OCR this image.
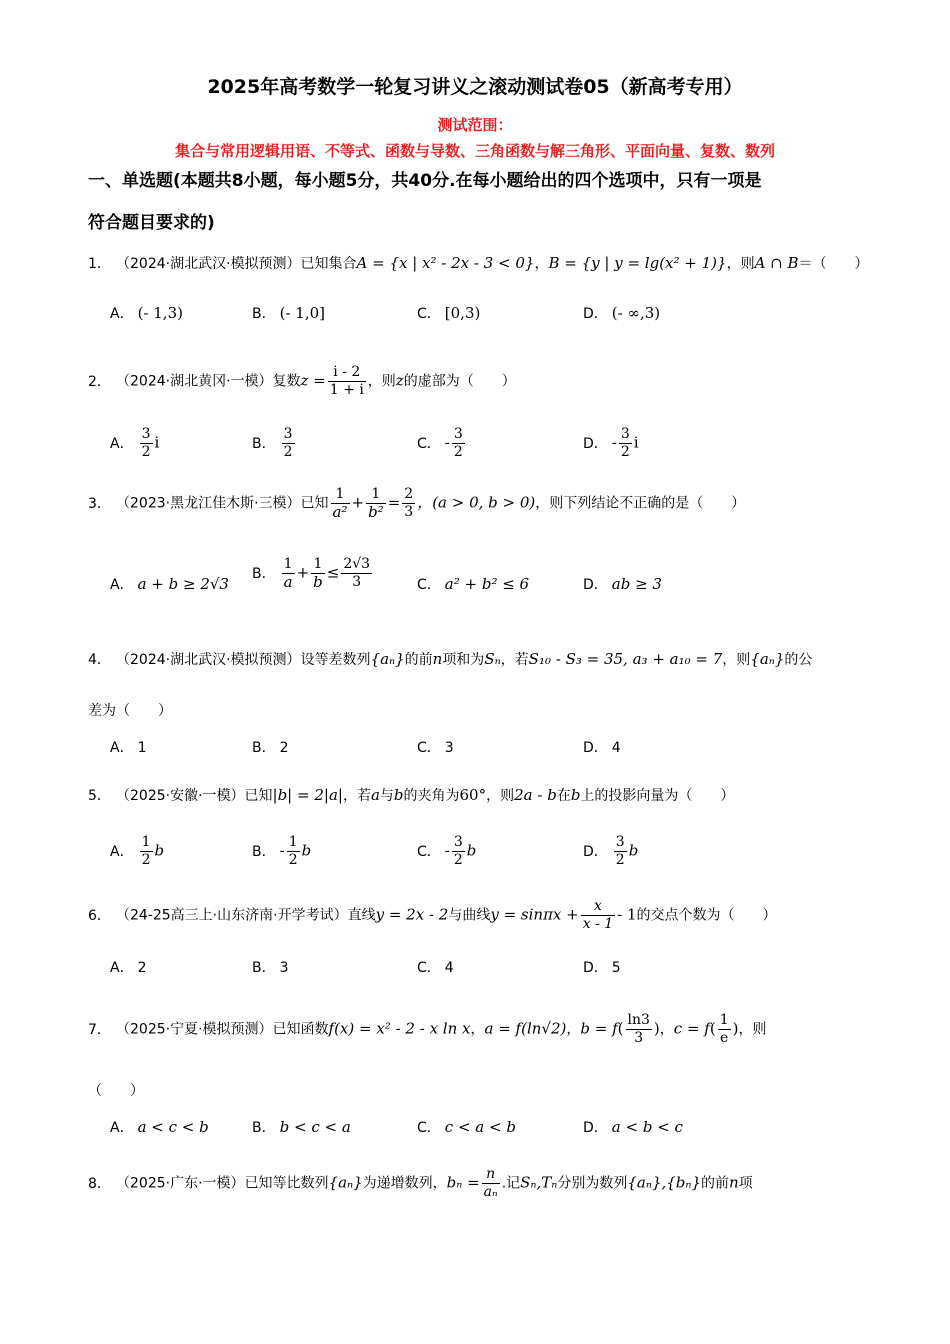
2025年高考数学一轮复习讲义之滚动测试卷05（新高考专用）
测试范围：
集合与常用逻辑用语、不等式、函数与导数、三角函数与解三角形、平面向量、复数、数列
一、单选题(本题共8小题，每小题5分，共40分.在每小题给出的四个选项中，只有一项是
符合题目要求的)
1． （2024·湖北武汉·模拟预测）已知集合A = {x | x² - 2x - 3 < 0}，B = {y | y = lg(x² + 1)}，则A ∩ B＝（　　）
A． (- 1,3)	B． (- 1,0]	C． [0,3)	D． (- ∞,3)
2． （2024·湖北黄冈·一模）复数$z = \frac{i - 2}{1 + i}$ ，则z的虚部为（　　）
A． $\frac{3}{2}$ i	B． $\frac{3}{2}$	C． - $\frac{3}{2}$	D． - $\frac{3}{2}$ i
3． （2023·黑龙江佳木斯·三模）已知 $\frac{1}{\text{a²}} + \frac{1}{\text{b²}} = \frac{2}{3}$ ，(a > 0, b > 0)，则下列结论不正确的是（　　）
A． a + b ≥ 2√3
B． $\frac{1}{a} + \frac{1}{b} \le \frac{2√3}{3}$	C． a² + b² ≤ 6	D． ab ≥ 3
4． （2024·湖北武汉·模拟预测）设等差数列{aₙ}的前n项和为Sₙ，若S₁₀ - S₃ = 35, a₃ + a₁₀ = 7，则{aₙ}的公
差为（　　）
A． 1	B． 2	C． 3	D． 4
5． （2025·安徽·一模）已知|b| = 2|a|，若a与b的夹角为60°，则2a - b在b上的投影向量为（　　）
A． $\frac{1}{2}$ b	B． - $\frac{1}{2}$ b	C． - $\frac{3}{2}$ b	D． $\frac{3}{2}$ b
6． （24-25高三上·山东济南·开学考试）直线y = 2x - 2与曲线$y = \sin\pi x + \frac{x}{x - 1} - 1$的交点个数为（　　）
A． 2	B． 3	C． 4	D． 5
7． （2025·宁夏·模拟预测）已知函数f(x) = x² - 2 - x ln x，a = f(ln√2)，$b = f( \frac{\ln 3}{3}$ )，$c = f( \frac{1}{e}$ )，则
（　　）
A． a < c < b	B． b < c < a	C． c < a < b	D． a < b < c
8． （2025·广东·一模）已知等比数列{aₙ}为递增数列，$b_n = \frac{n}{\text{aₙ}}$ .记Sₙ,Tₙ分别为数列{aₙ},{bₙ}的前n项
